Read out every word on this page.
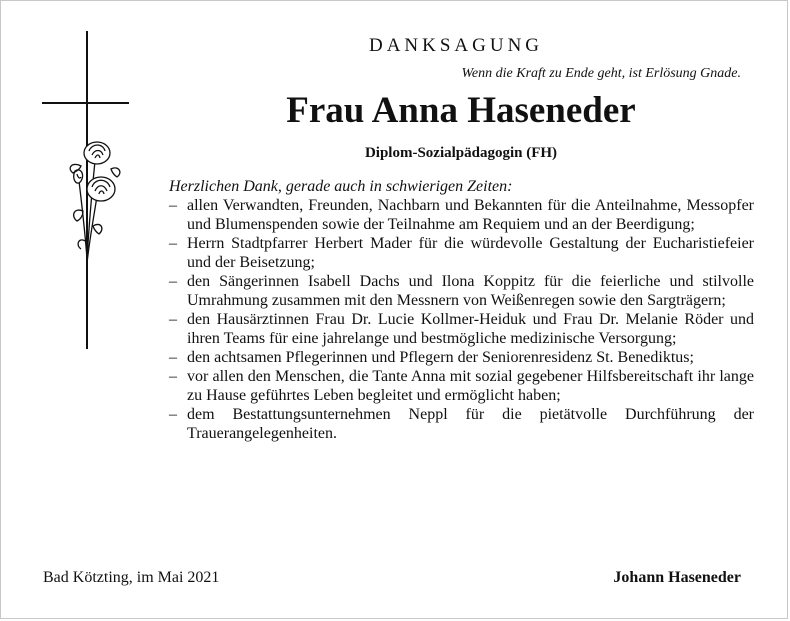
DANKSAGUNG
Wenn die Kraft zu Ende geht, ist Erlösung Gnade.
Frau Anna Haseneder
Diplom-Sozialpädagogin (FH)
Herzlichen Dank, gerade auch in schwierigen Zeiten:
– allen Verwandten, Freunden, Nachbarn und Bekannten für die Anteilnahme, Messopfer und Blumenspenden sowie der Teilnahme am Requiem und an der Beerdigung;
– Herrn Stadtpfarrer Herbert Mader für die würdevolle Gestaltung der Eucharistiefeier und der Beisetzung;
– den Sängerinnen Isabell Dachs und Ilona Koppitz für die feierliche und stilvolle Umrahmung zusammen mit den Messnern von Weißenregen sowie den Sargträgern;
– den Hausärztinnen Frau Dr. Lucie Kollmer-Heiduk und Frau Dr. Melanie Röder und ihren Teams für eine jahrelange und bestmögliche medizinische Versorgung;
– den achtsamen Pflegerinnen und Pflegern der Seniorenresidenz St. Benediktus;
– vor allen den Menschen, die Tante Anna mit sozial gegebener Hilfsbereitschaft ihr lange zu Hause geführtes Leben begleitet und ermöglicht haben;
– dem Bestattungsunternehmen Neppl für die pietätvolle Durchführung der Trauerangelegenheiten.
Bad Kötzting, im Mai 2021	Johann Haseneder
